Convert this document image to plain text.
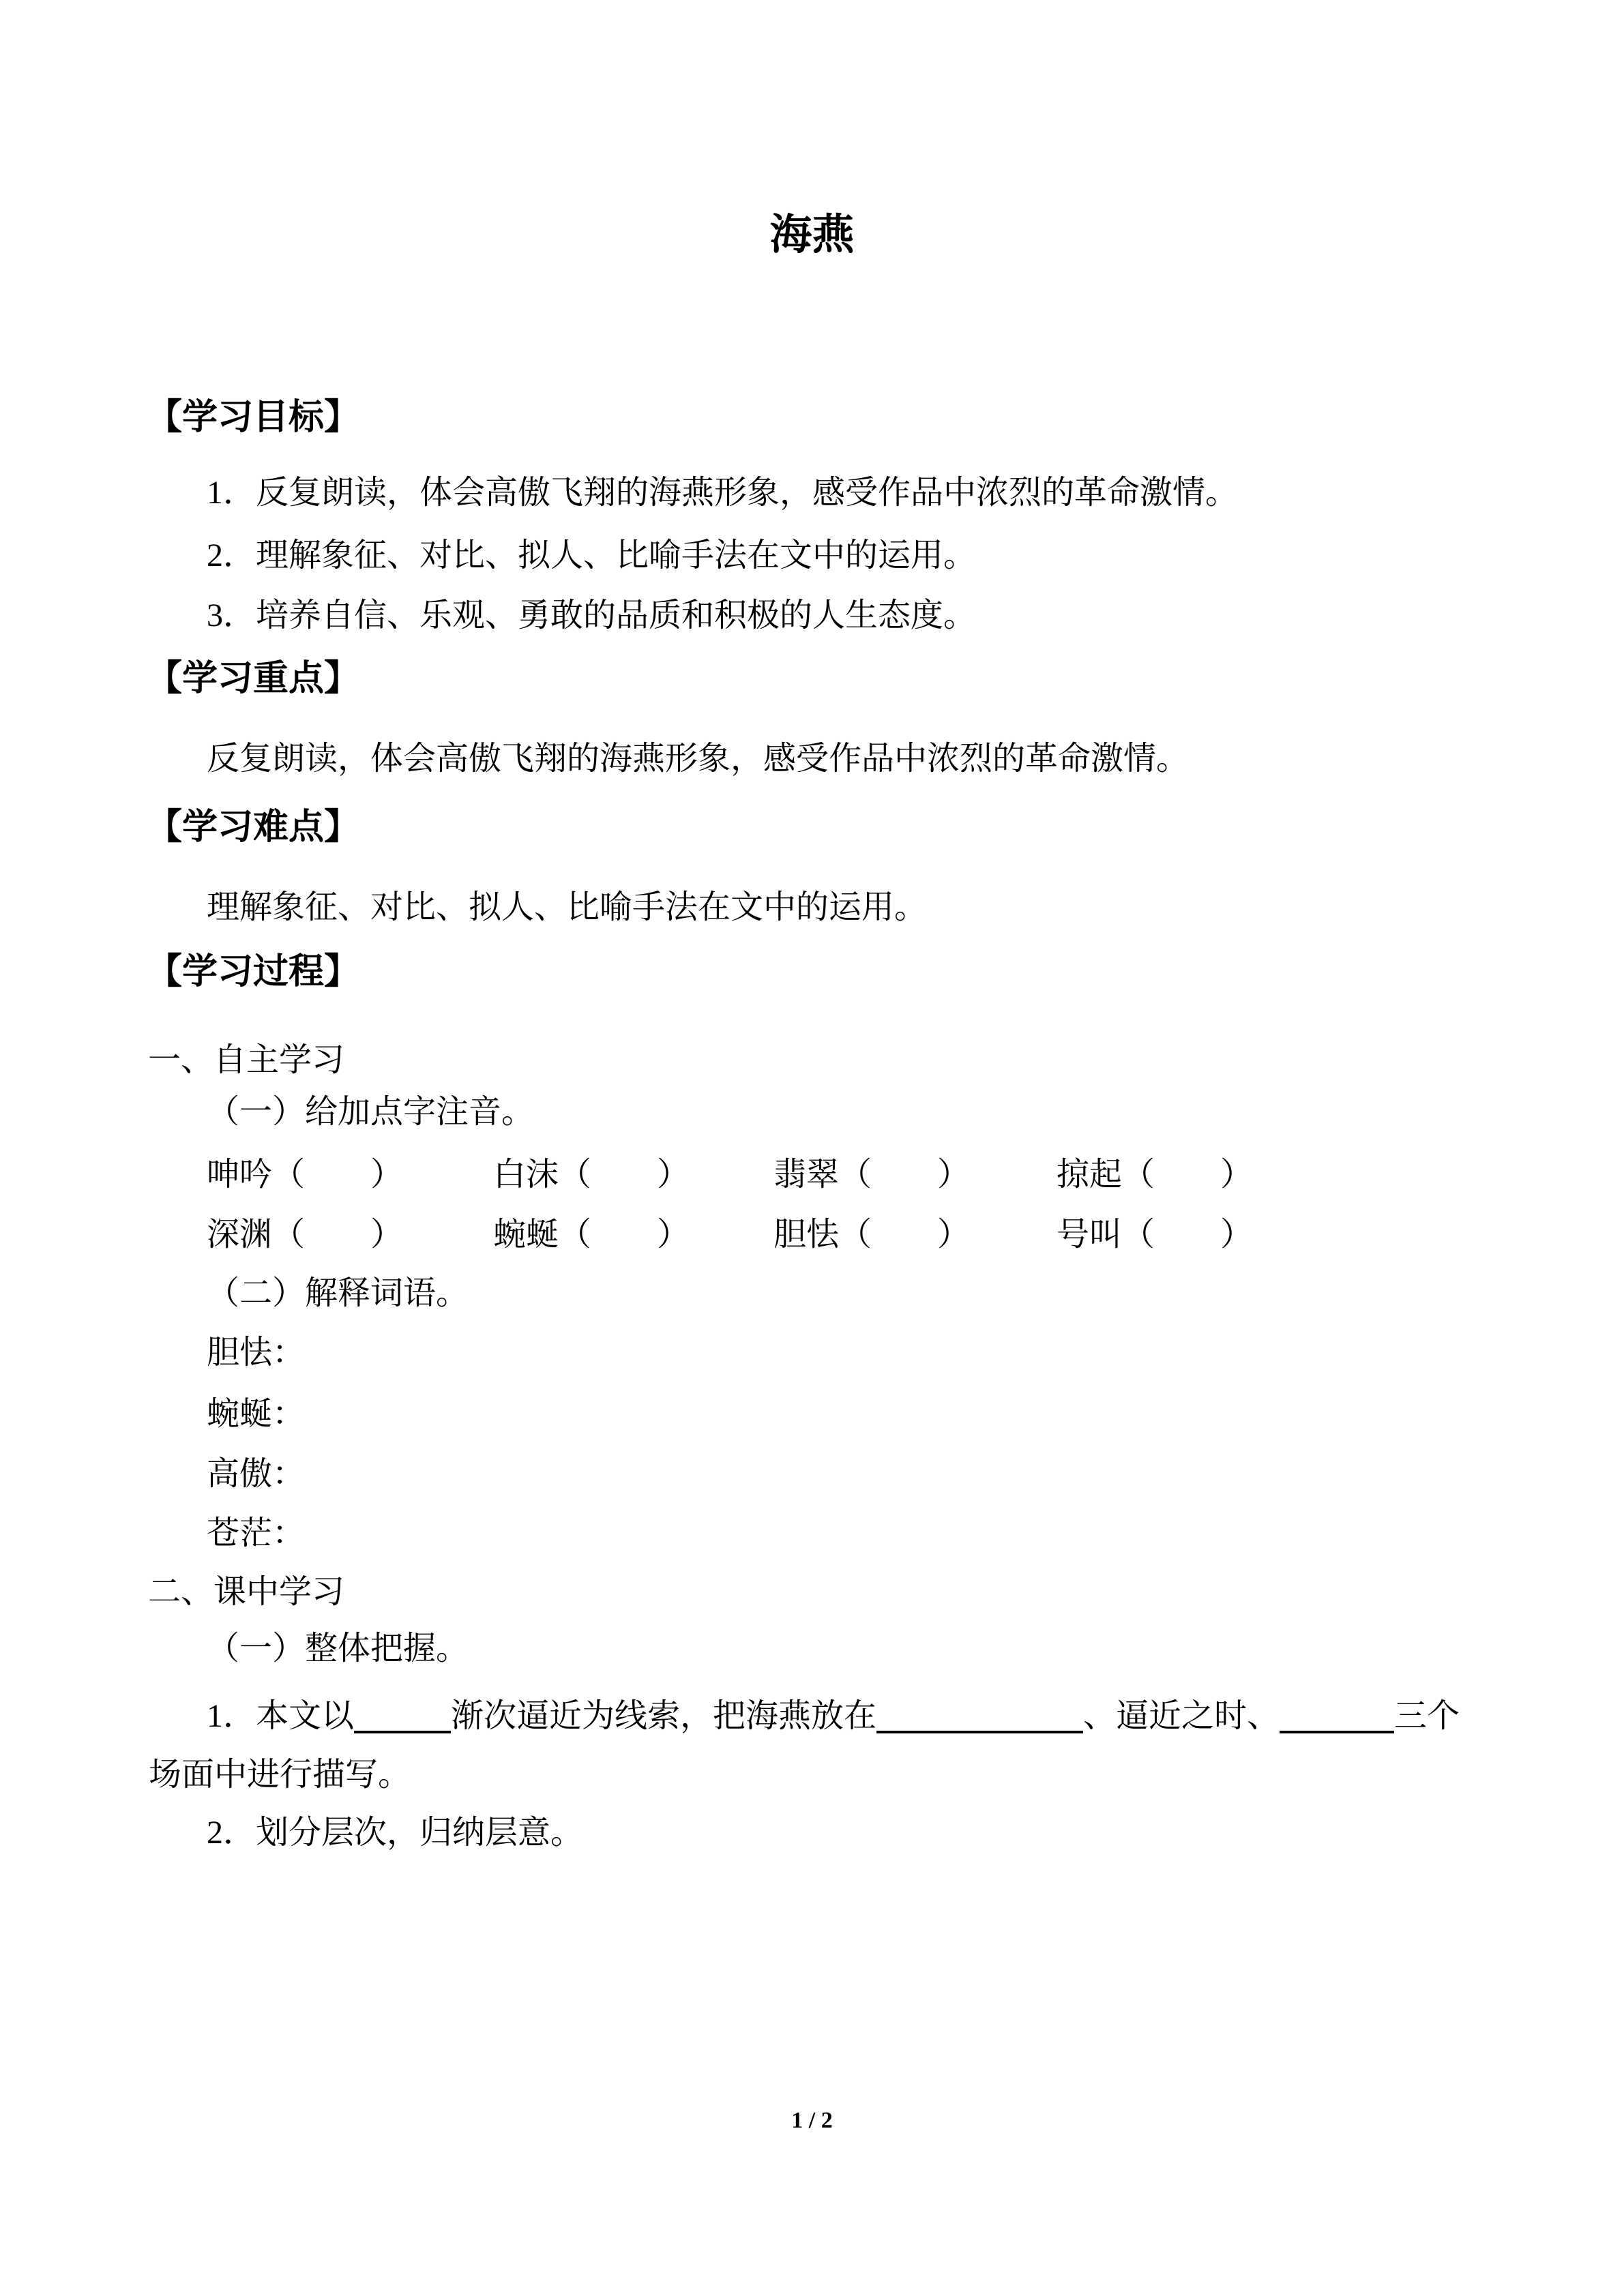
海燕
【学习目标】
1．反复朗读，体会高傲飞翔的海燕形象，感受作品中浓烈的革命激情。
2．理解象征、对比、拟人、比喻手法在文中的运用。
3．培养自信、乐观、勇敢的品质和积极的人生态度。
【学习重点】
反复朗读，体会高傲飞翔的海燕形象，感受作品中浓烈的革命激情。
【学习难点】
理解象征、对比、拟人、比喻手法在文中的运用。
【学习过程】
一、自主学习
（一）给加点字注音。
呻吟（　　）	白沫（　　）	翡翠（　　）	掠起（　　）
深渊（　　）	蜿蜒（　　）	胆怯（　　）	号叫（　　）
（二）解释词语。
胆怯：
蜿蜒：
高傲：
苍茫：
二、课中学习
（一）整体把握。
1．本文以	渐次逼近为线索，把海燕放在	、逼近之时、	三个
场面中进行描写。
2．划分层次，归纳层意。
1 / 2
